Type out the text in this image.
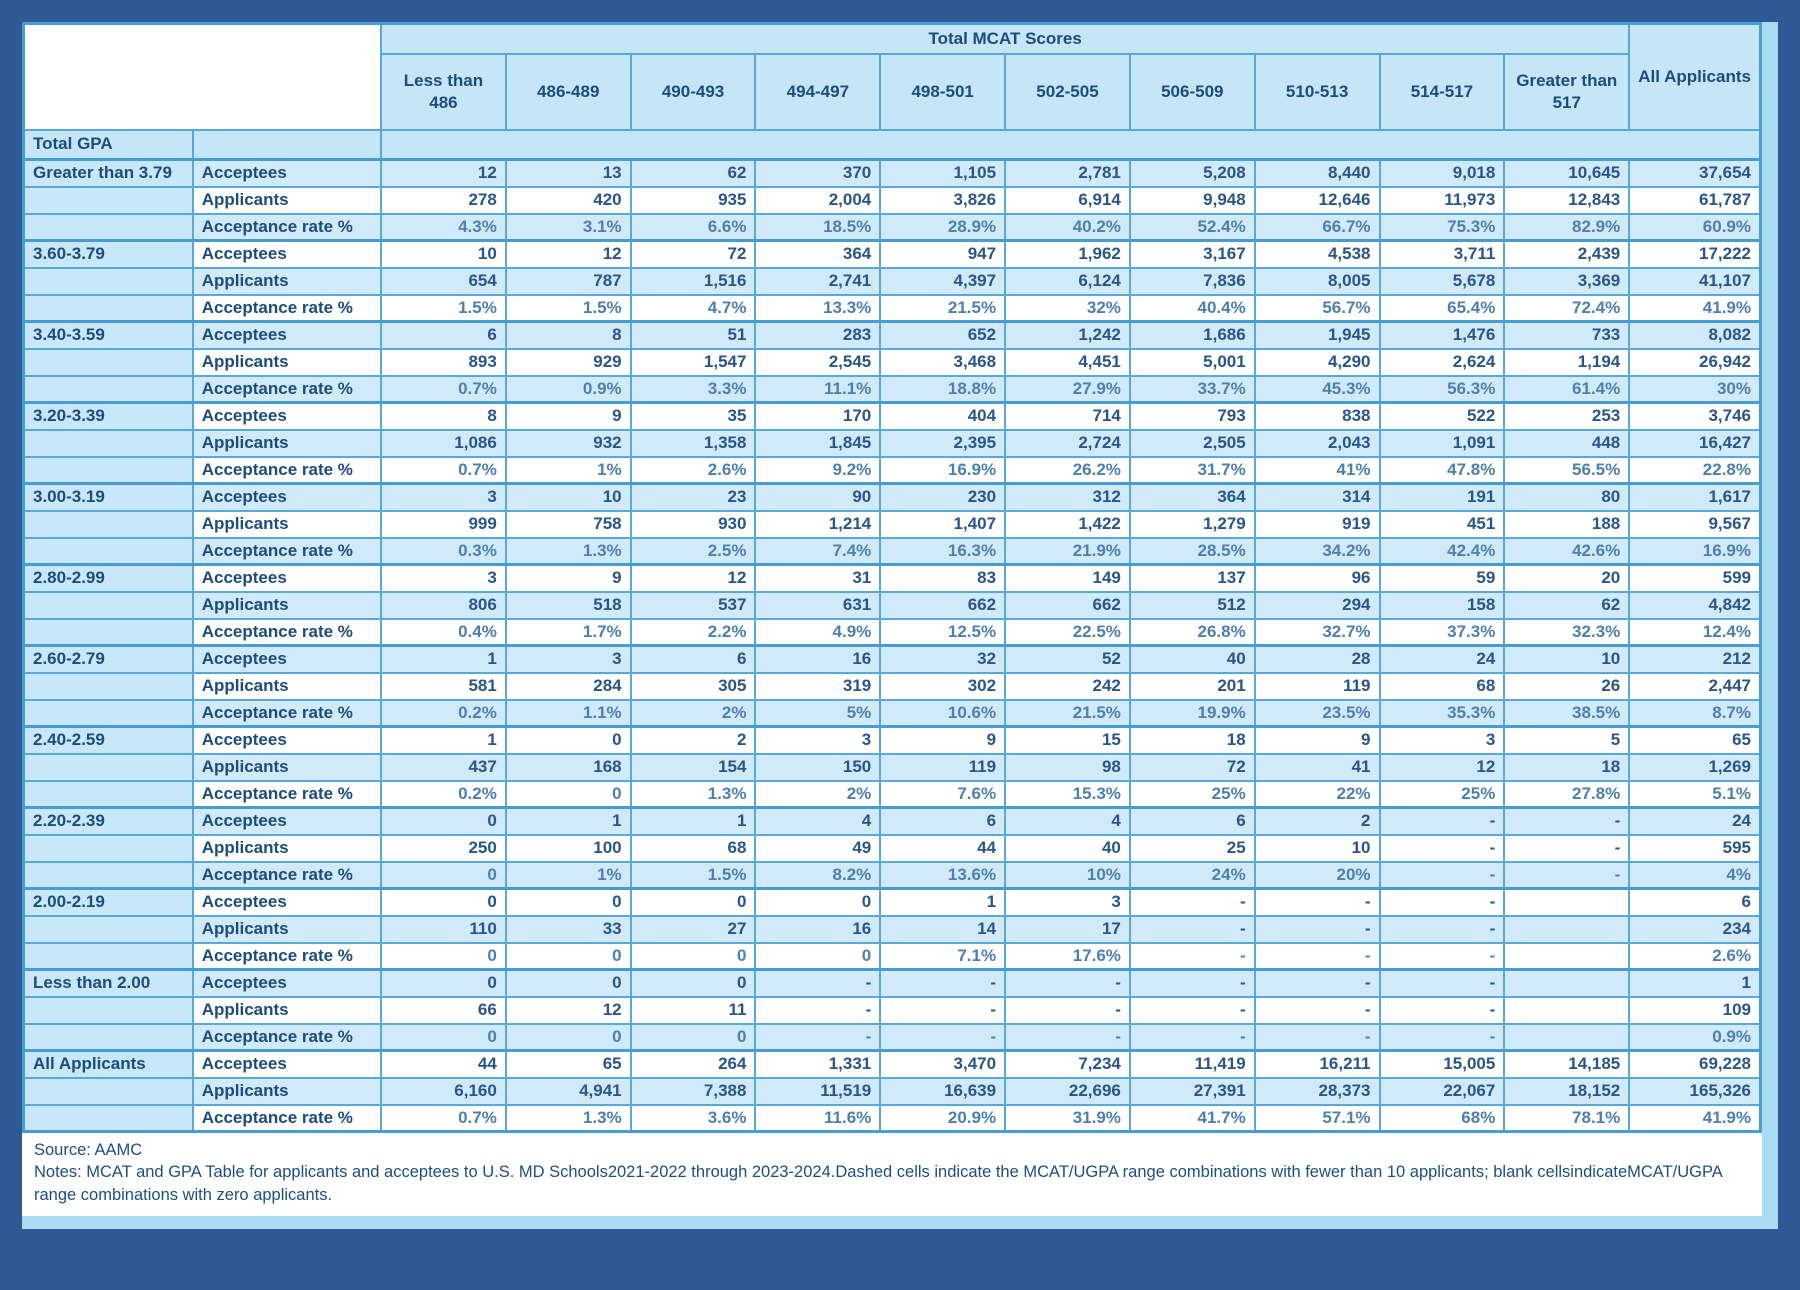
		Total MCAT Scores										All Applicants
		Less than 486	486-489	490-493	494-497	498-501	502-505	506-509	510-513	514-517	Greater than 517	
Total GPA												
Greater than 3.79	Acceptees	12	13	62	370	1,105	2,781	5,208	8,440	9,018	10,645	37,654
	Applicants	278	420	935	2,004	3,826	6,914	9,948	12,646	11,973	12,843	61,787
	Acceptance rate %	4.3%	3.1%	6.6%	18.5%	28.9%	40.2%	52.4%	66.7%	75.3%	82.9%	60.9%
3.60-3.79	Acceptees	10	12	72	364	947	1,962	3,167	4,538	3,711	2,439	17,222
	Applicants	654	787	1,516	2,741	4,397	6,124	7,836	8,005	5,678	3,369	41,107
	Acceptance rate %	1.5%	1.5%	4.7%	13.3%	21.5%	32%	40.4%	56.7%	65.4%	72.4%	41.9%
3.40-3.59	Acceptees	6	8	51	283	652	1,242	1,686	1,945	1,476	733	8,082
	Applicants	893	929	1,547	2,545	3,468	4,451	5,001	4,290	2,624	1,194	26,942
	Acceptance rate %	0.7%	0.9%	3.3%	11.1%	18.8%	27.9%	33.7%	45.3%	56.3%	61.4%	30%
3.20-3.39	Acceptees	8	9	35	170	404	714	793	838	522	253	3,746
	Applicants	1,086	932	1,358	1,845	2,395	2,724	2,505	2,043	1,091	448	16,427
	Acceptance rate %	0.7%	1%	2.6%	9.2%	16.9%	26.2%	31.7%	41%	47.8%	56.5%	22.8%
3.00-3.19	Acceptees	3	10	23	90	230	312	364	314	191	80	1,617
	Applicants	999	758	930	1,214	1,407	1,422	1,279	919	451	188	9,567
	Acceptance rate %	0.3%	1.3%	2.5%	7.4%	16.3%	21.9%	28.5%	34.2%	42.4%	42.6%	16.9%
2.80-2.99	Acceptees	3	9	12	31	83	149	137	96	59	20	599
	Applicants	806	518	537	631	662	662	512	294	158	62	4,842
	Acceptance rate %	0.4%	1.7%	2.2%	4.9%	12.5%	22.5%	26.8%	32.7%	37.3%	32.3%	12.4%
2.60-2.79	Acceptees	1	3	6	16	32	52	40	28	24	10	212
	Applicants	581	284	305	319	302	242	201	119	68	26	2,447
	Acceptance rate %	0.2%	1.1%	2%	5%	10.6%	21.5%	19.9%	23.5%	35.3%	38.5%	8.7%
2.40-2.59	Acceptees	1	0	2	3	9	15	18	9	3	5	65
	Applicants	437	168	154	150	119	98	72	41	12	18	1,269
	Acceptance rate %	0.2%	0	1.3%	2%	7.6%	15.3%	25%	22%	25%	27.8%	5.1%
2.20-2.39	Acceptees	0	1	1	4	6	4	6	2	-	-	24
	Applicants	250	100	68	49	44	40	25	10	-	-	595
	Acceptance rate %	0	1%	1.5%	8.2%	13.6%	10%	24%	20%	-	-	4%
2.00-2.19	Acceptees	0	0	0	0	1	3	-	-	-		6
	Applicants	110	33	27	16	14	17	-	-	-		234
	Acceptance rate %	0	0	0	0	7.1%	17.6%	-	-	-		2.6%
Less than 2.00	Acceptees	0	0	0	-	-	-	-	-	-		1
	Applicants	66	12	11	-	-	-	-	-	-		109
	Acceptance rate %	0	0	0	-	-	-	-	-	-		0.9%
All Applicants	Acceptees	44	65	264	1,331	3,470	7,234	11,419	16,211	15,005	14,185	69,228
	Applicants	6,160	4,941	7,388	11,519	16,639	22,696	27,391	28,373	22,067	18,152	165,326
	Acceptance rate %	0.7%	1.3%	3.6%	11.6%	20.9%	31.9%	41.7%	57.1%	68%	78.1%	41.9%
Source: AAMC
Notes: MCAT and GPA Table for applicants and acceptees to U.S. MD Schools2021-2022 through 2023-2024.Dashed cells indicate the MCAT/UGPA range combinations with fewer than 10 applicants; blank cellsindicateMCAT/UGPA range combinations with zero applicants.
